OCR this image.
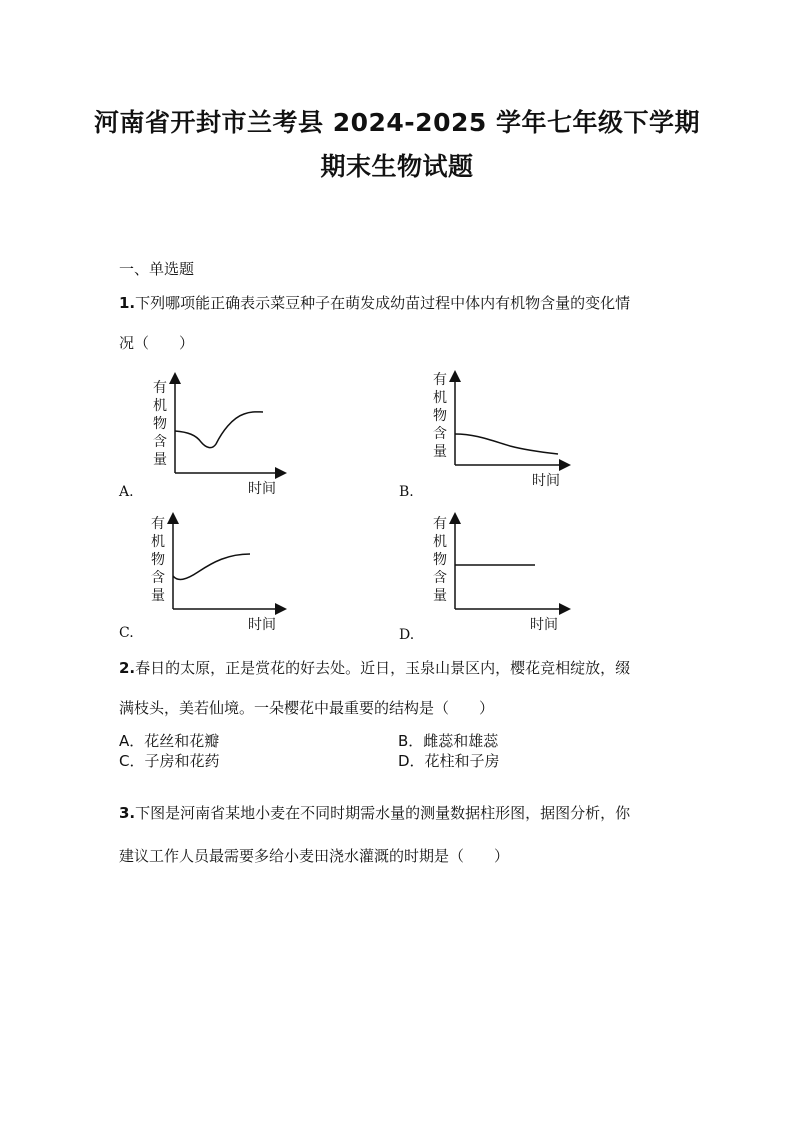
河南省开封市兰考县 2024-2025 学年七年级下学期
期末生物试题
一、单选题
1.下列哪项能正确表示菜豆种子在萌发成幼苗过程中体内有机物含量的变化情
况（　　）
有
机
物
含
量
时间
A.
有
机
物
含
量
时间
B.
有
机
物
含
量
时间
C.
有
机
物
含
量
时间
D.
2.春日的太原，正是赏花的好去处。近日，玉泉山景区内，樱花竞相绽放，缀
满枝头，美若仙境。一朵樱花中最重要的结构是（　　）
A．花丝和花瓣	B．雌蕊和雄蕊
C．子房和花药	D．花柱和子房
3.下图是河南省某地小麦在不同时期需水量的测量数据柱形图，据图分析，你
建议工作人员最需要多给小麦田浇水灌溉的时期是（　　）
